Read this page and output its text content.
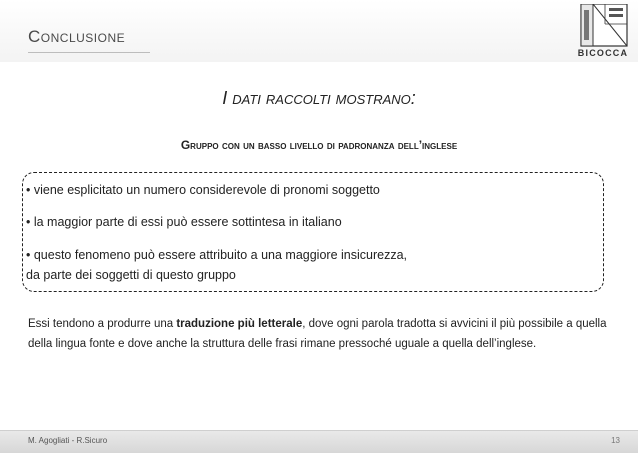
Conclusione
BICOCCA
I dati raccolti mostrano:
Gruppo con un basso livello di padronanza dell’inglese
• viene esplicitato un numero considerevole di pronomi soggetto
• la maggior parte di essi può essere sottintesa in italiano
• questo fenomeno può essere attribuito a una maggiore insicurezza,
da parte dei soggetti di questo gruppo
Essi tendono a produrre una traduzione più letterale, dove ogni parola tradotta si avvicini il più possibile a quella della lingua fonte e dove anche la struttura delle frasi rimane pressoché uguale a quella dell’inglese.
M. Agogliati - R.Sicuro	13
